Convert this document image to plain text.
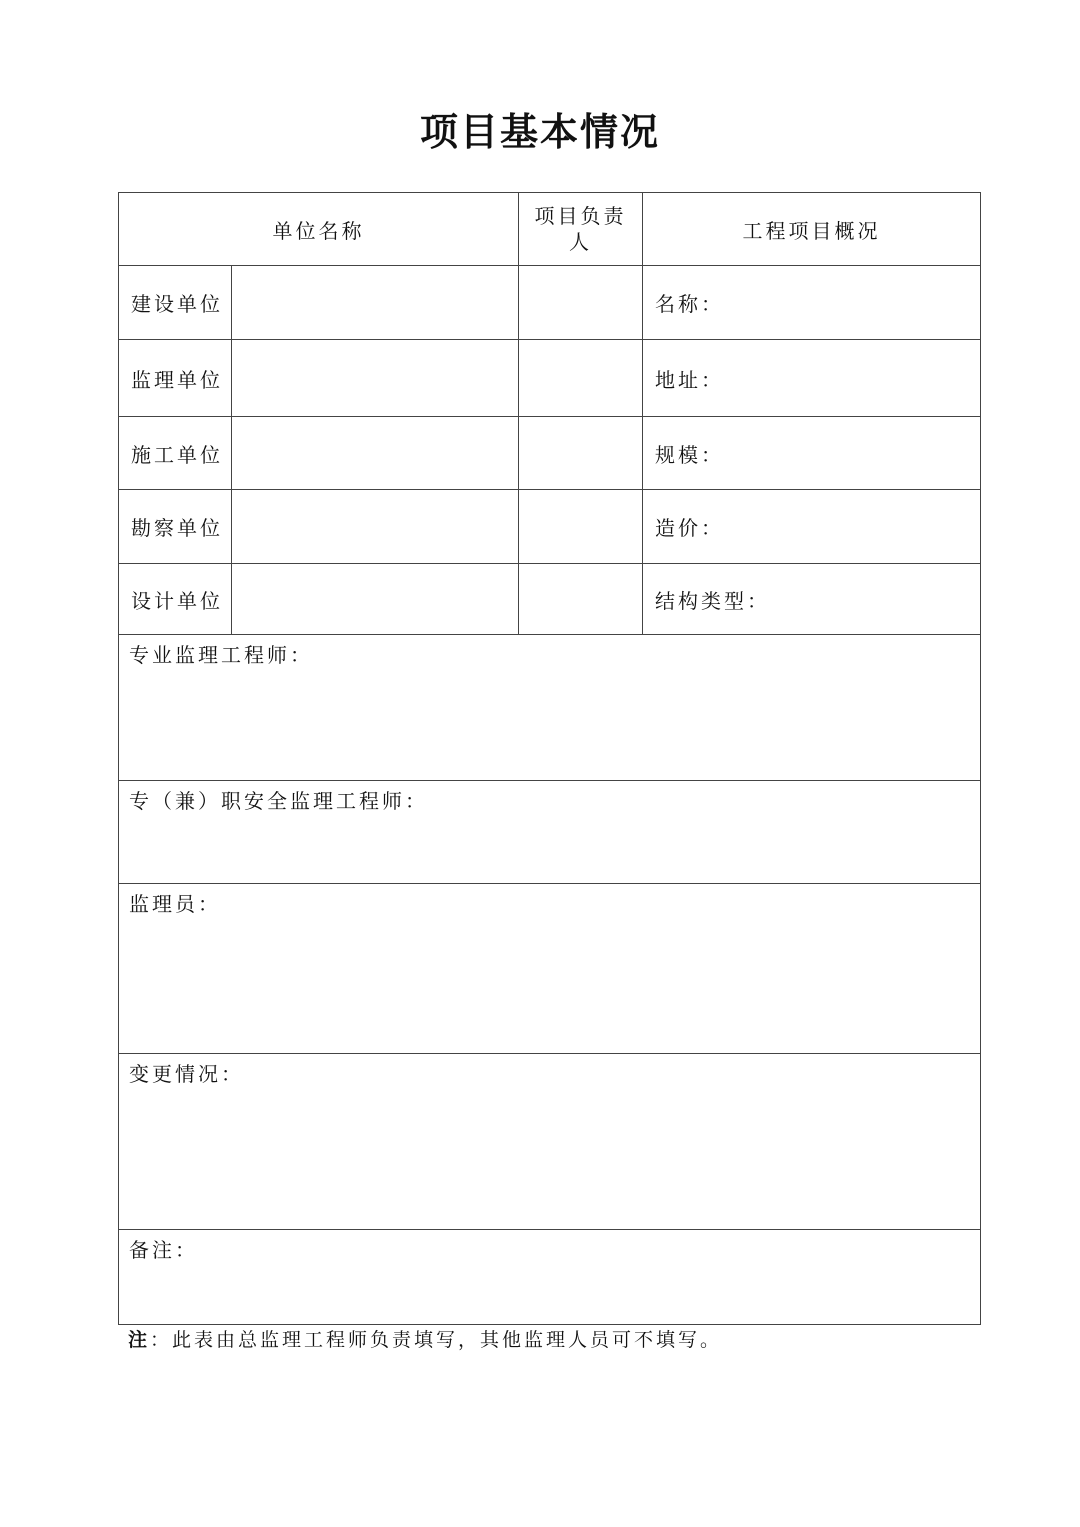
项目基本情况
单位名称		项目负责人	工程项目概况
建设单位			名称：
监理单位			地址：
施工单位			规模：
勘察单位			造价：
设计单位			结构类型：
专业监理工程师：			
专（兼）职安全监理工程师：			
监理员：			
变更情况：			
备注：			
注：此表由总监理工程师负责填写，其他监理人员可不填写。
